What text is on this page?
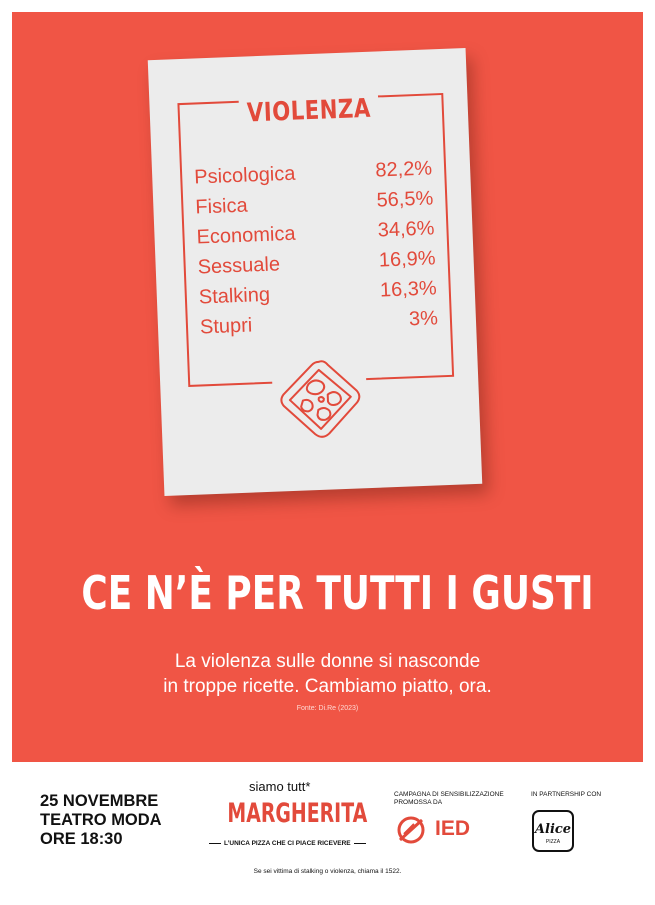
VIOLENZA
Psicologica	82,2%
Fisica	56,5%
Economica	34,6%
Sessuale	16,9%
Stalking	16,3%
Stupri	3%
CE N’È PER TUTTI I GUSTI
La violenza sulle donne si nasconde
in troppe ricette. Cambiamo piatto, ora.
Fonte: Di.Re (2023)
25 NOVEMBRE
TEATRO MODA
ORE 18:30
siamo tutt*
MARGHERITA
L’UNICA PIZZA CHE CI PIACE RICEVERE
CAMPAGNA DI SENSIBILIZZAZIONE
PROMOSSA DA
IED
IN PARTNERSHIP CON
Alice
PIZZA
Se sei vittima di stalking o violenza, chiama il 1522.
